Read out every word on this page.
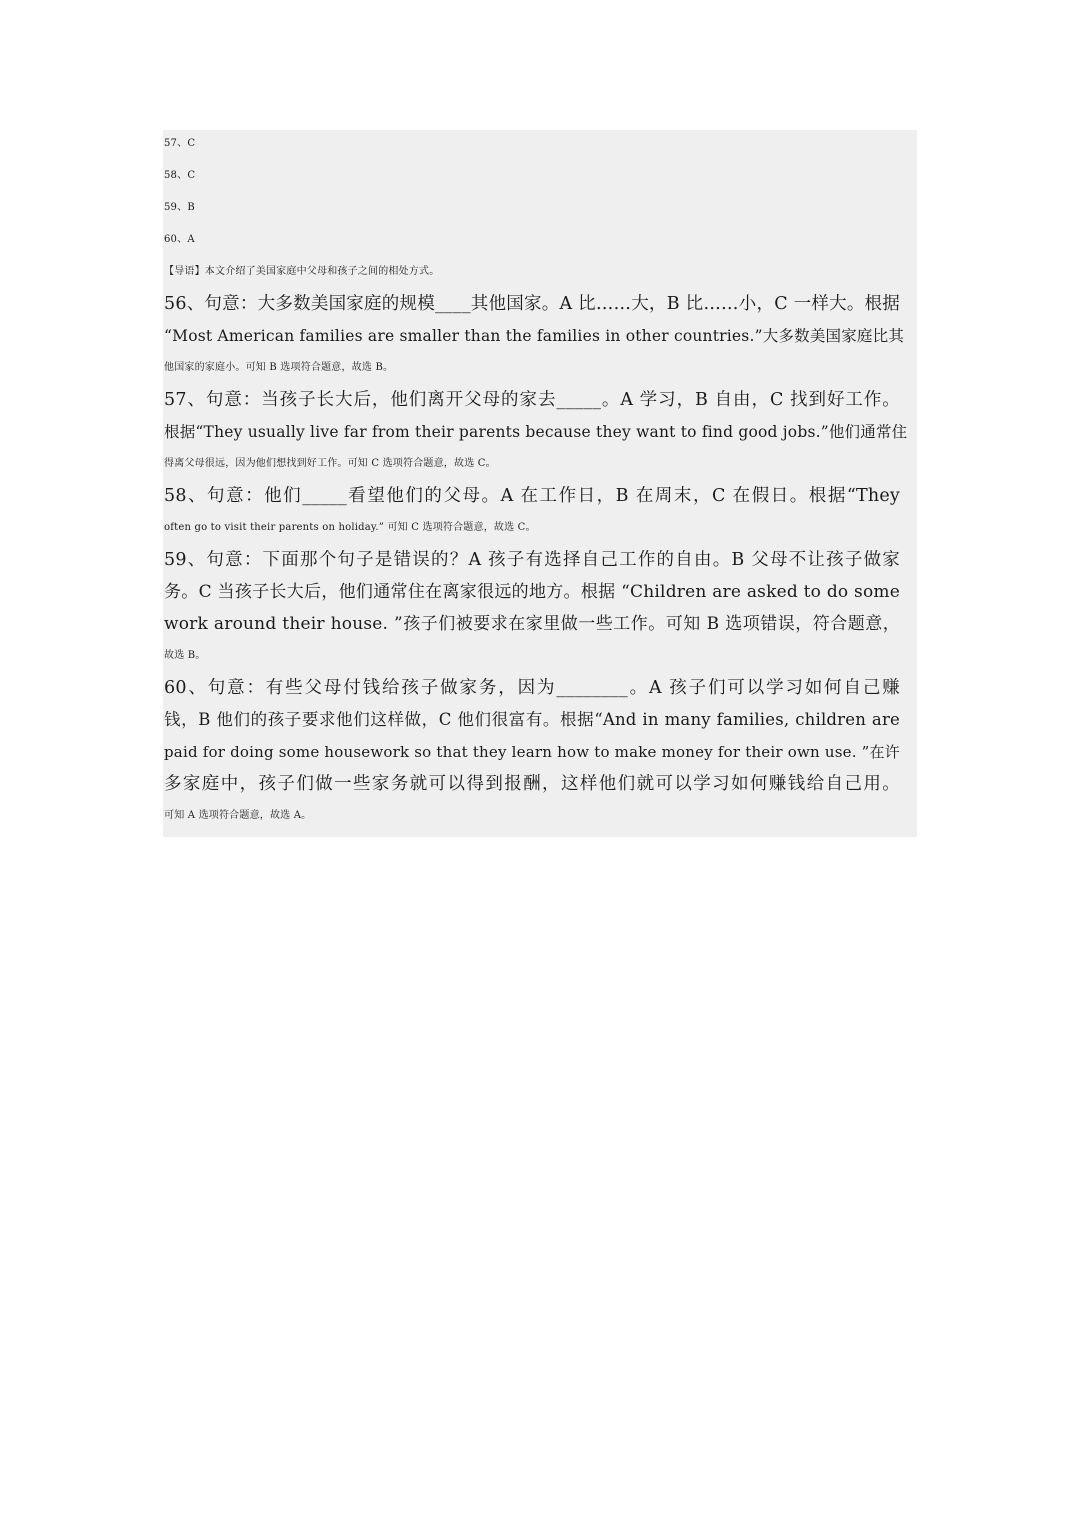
57、C
58、C
59、B
60、A
【导语】本文介绍了美国家庭中父母和孩子之间的相处方式。
56、句意：大多数美国家庭的规模____其他国家。A 比……大，B 比……小，C 一样大。根据
“Most American families are smaller than the families in other countries.”大多数美国家庭比其
他国家的家庭小。可知 B 选项符合题意，故选 B。
57、句意：当孩子长大后，他们离开父母的家去_____。A 学习，B 自由，C 找到好工作。
根据“They usually live far from their parents because they want to find good jobs.”他们通常住
得离父母很远，因为他们想找到好工作。可知 C 选项符合题意，故选 C。
58、句意：他们_____看望他们的父母。A 在工作日，B 在周末，C 在假日。根据“They
often go to visit their parents on holiday.” 可知 C 选项符合题意，故选 C。
59、句意：下面那个句子是错误的？A 孩子有选择自己工作的自由。B 父母不让孩子做家
务。C 当孩子长大后，他们通常住在离家很远的地方。根据 “Children are asked to do some
work around their house. ”孩子们被要求在家里做一些工作。可知 B 选项错误，符合题意，
故选 B。
60、句意：有些父母付钱给孩子做家务，因为________。A 孩子们可以学习如何自己赚
钱，B 他们的孩子要求他们这样做，C 他们很富有。根据“And in many families, children are
paid for doing some housework so that they learn how to make money for their own use. ”在许
多家庭中，孩子们做一些家务就可以得到报酬，这样他们就可以学习如何赚钱给自己用。
可知 A 选项符合题意，故选 A。
